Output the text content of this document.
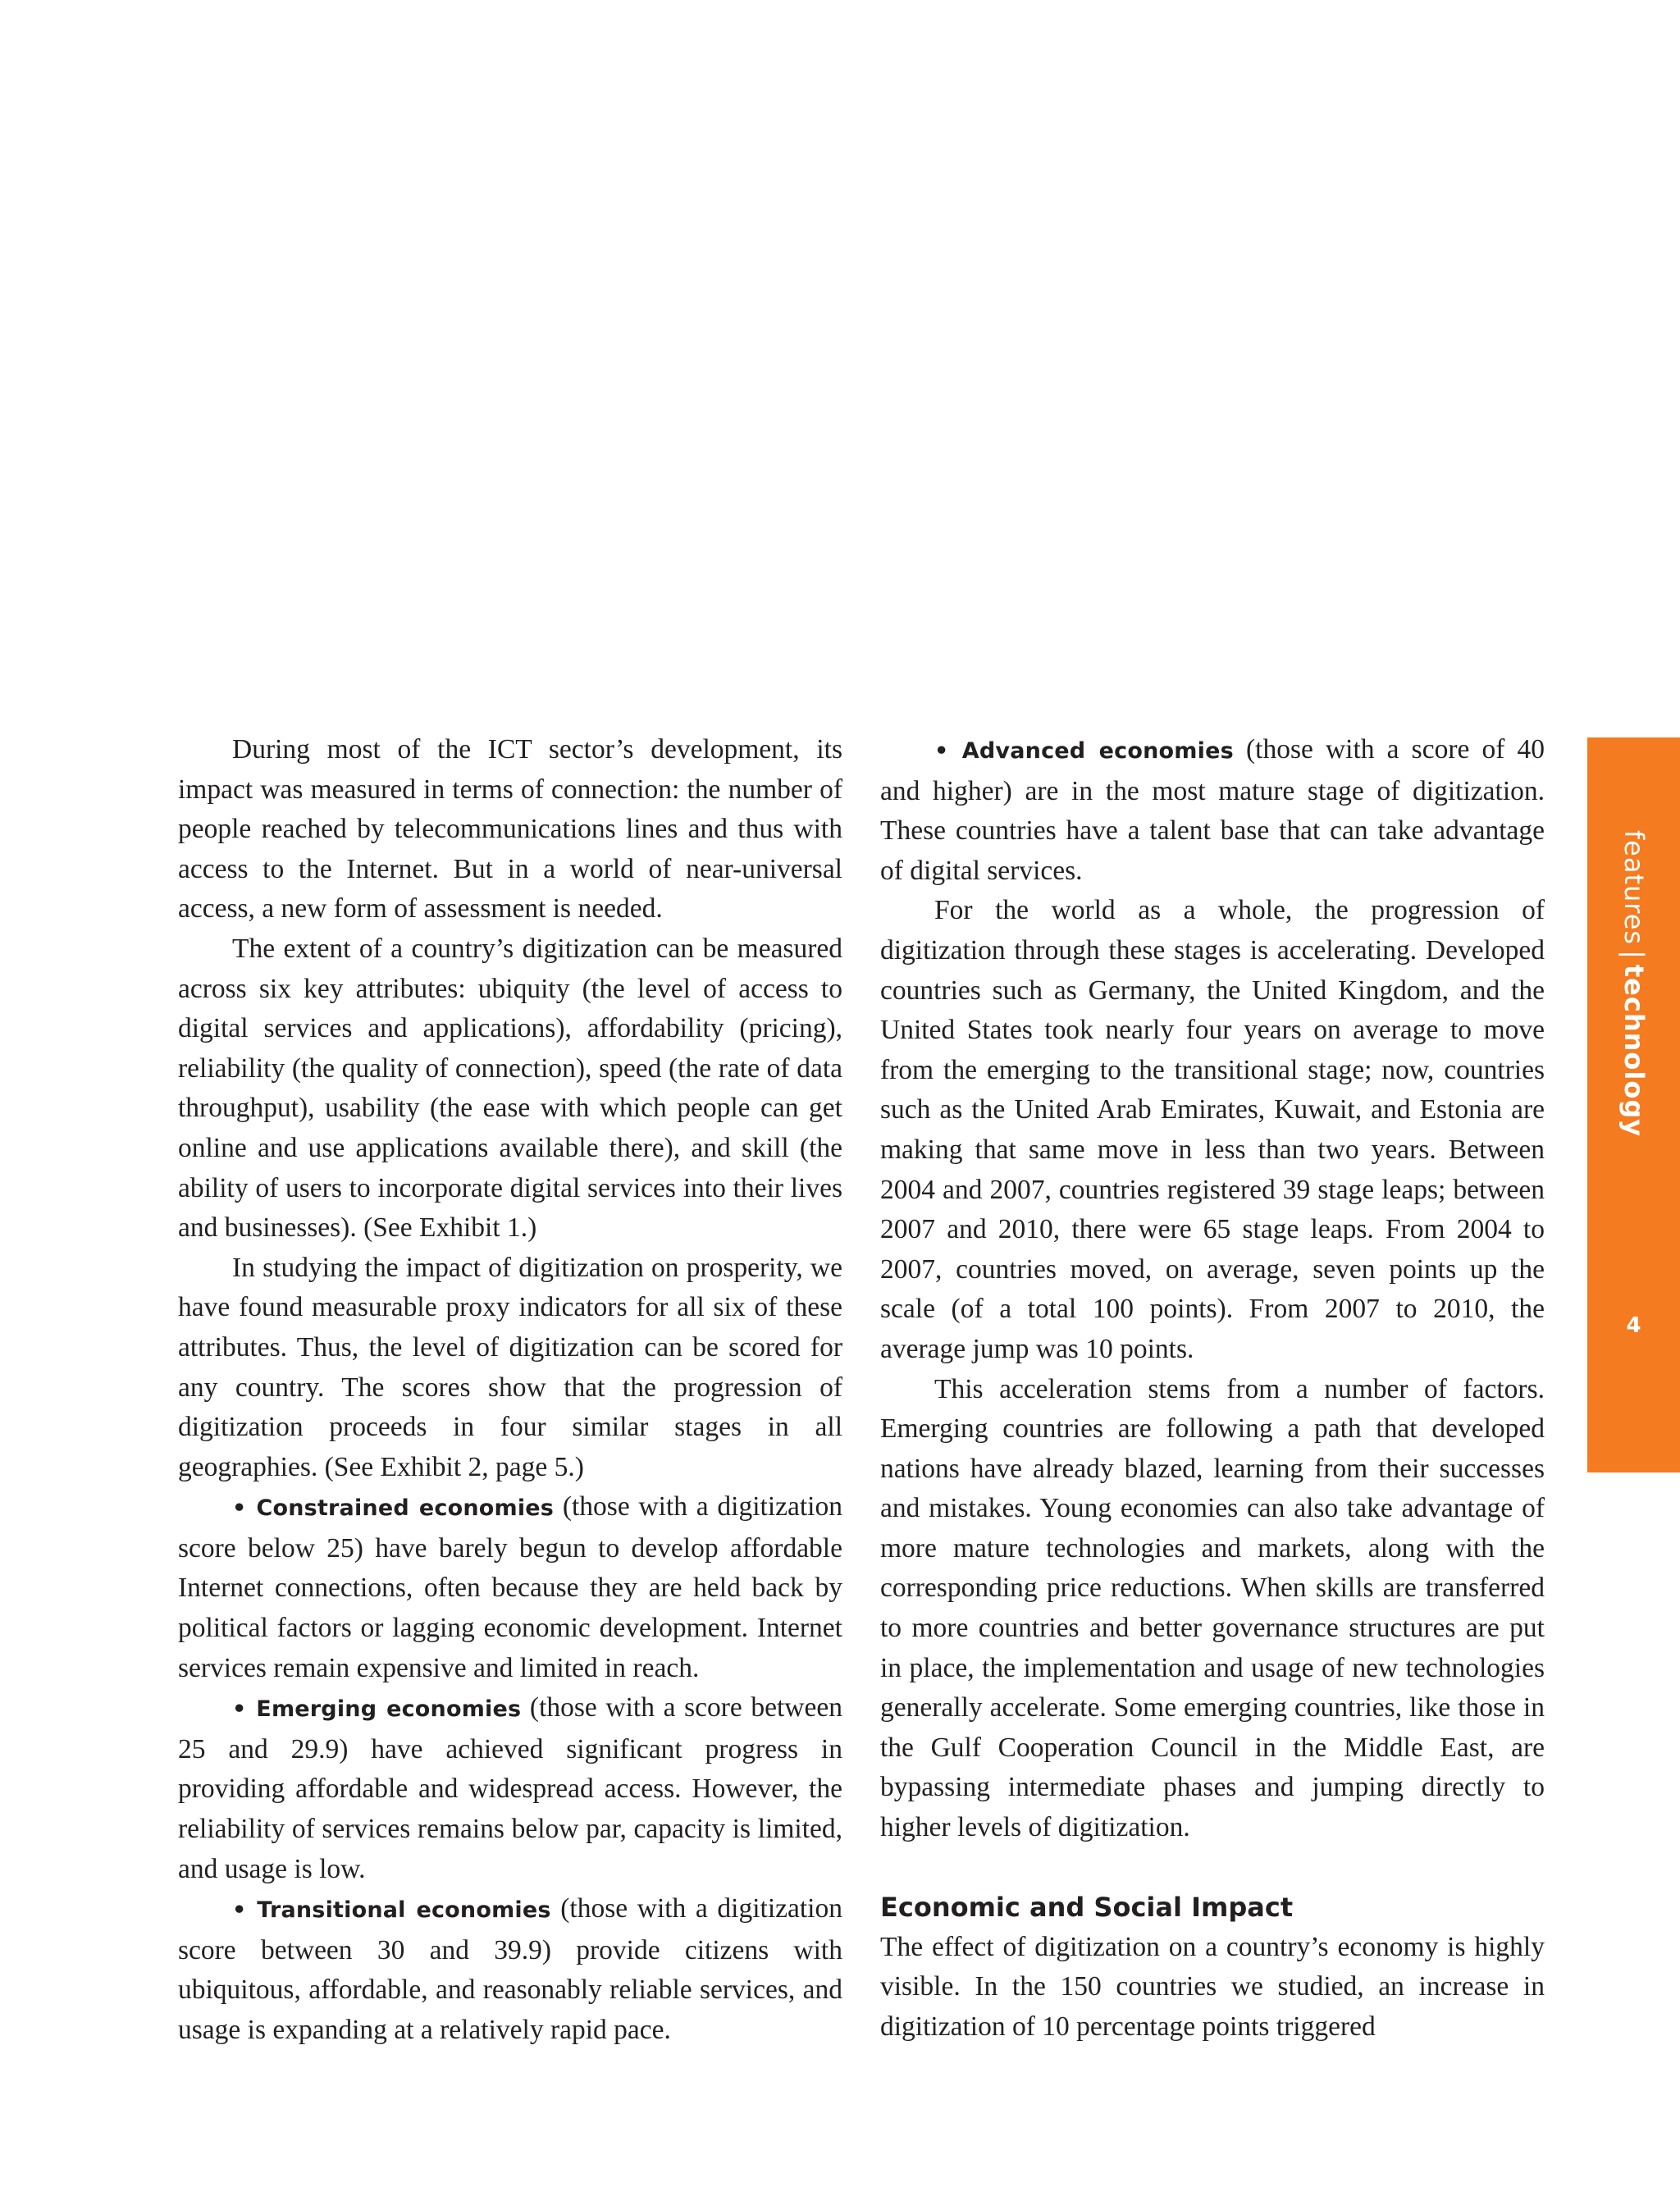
During most of the ICT sector’s development, its impact was measured in terms of connection: the number of people reached by telecommunications lines and thus with access to the Internet. But in a world of near-universal access, a new form of assessment is needed.

The extent of a country’s digitization can be measured across six key attributes: ubiquity (the level of access to digital services and applications), affordability (pricing), reliability (the quality of connection), speed (the rate of data throughput), usability (the ease with which people can get online and use applications available there), and skill (the ability of users to incorporate digital services into their lives and businesses). (See Exhibit 1.)

In studying the impact of digitization on prosperity, we have found measurable proxy indicators for all six of these attributes. Thus, the level of digitization can be scored for any country. The scores show that the progression of digitization proceeds in four similar stages in all geographies. (See Exhibit 2, page 5.)

• Constrained economies (those with a digitization score below 25) have barely begun to develop affordable Internet connections, often because they are held back by political factors or lagging economic development. Internet services remain expensive and limited in reach.

• Emerging economies (those with a score between 25 and 29.9) have achieved significant progress in providing affordable and widespread access. However, the reliability of services remains below par, capacity is limited, and usage is low.

• Transitional economies (those with a digitization score between 30 and 39.9) provide citizens with ubiquitous, affordable, and reasonably reliable services, and usage is expanding at a relatively rapid pace.

• Advanced economies (those with a score of 40 and higher) are in the most mature stage of digitization. These countries have a talent base that can take advantage of digital services.

For the world as a whole, the progression of digitization through these stages is accelerating. Developed countries such as Germany, the United Kingdom, and the United States took nearly four years on average to move from the emerging to the transitional stage; now, countries such as the United Arab Emirates, Kuwait, and Estonia are making that same move in less than two years. Between 2004 and 2007, countries registered 39 stage leaps; between 2007 and 2010, there were 65 stage leaps. From 2004 to 2007, countries moved, on average, seven points up the scale (of a total 100 points). From 2007 to 2010, the average jump was 10 points.

This acceleration stems from a number of factors. Emerging countries are following a path that developed nations have already blazed, learning from their successes and mistakes. Young economies can also take advantage of more mature technologies and markets, along with the corresponding price reductions. When skills are transferred to more countries and better governance structures are put in place, the implementation and usage of new technologies generally accelerate. Some emerging countries, like those in the Gulf Cooperation Council in the Middle East, are bypassing intermediate phases and jumping directly to higher levels of digitization.

Economic and Social Impact

The effect of digitization on a country’s economy is highly visible. In the 150 countries we studied, an increase in digitization of 10 percentage points triggered

features|technology
4
